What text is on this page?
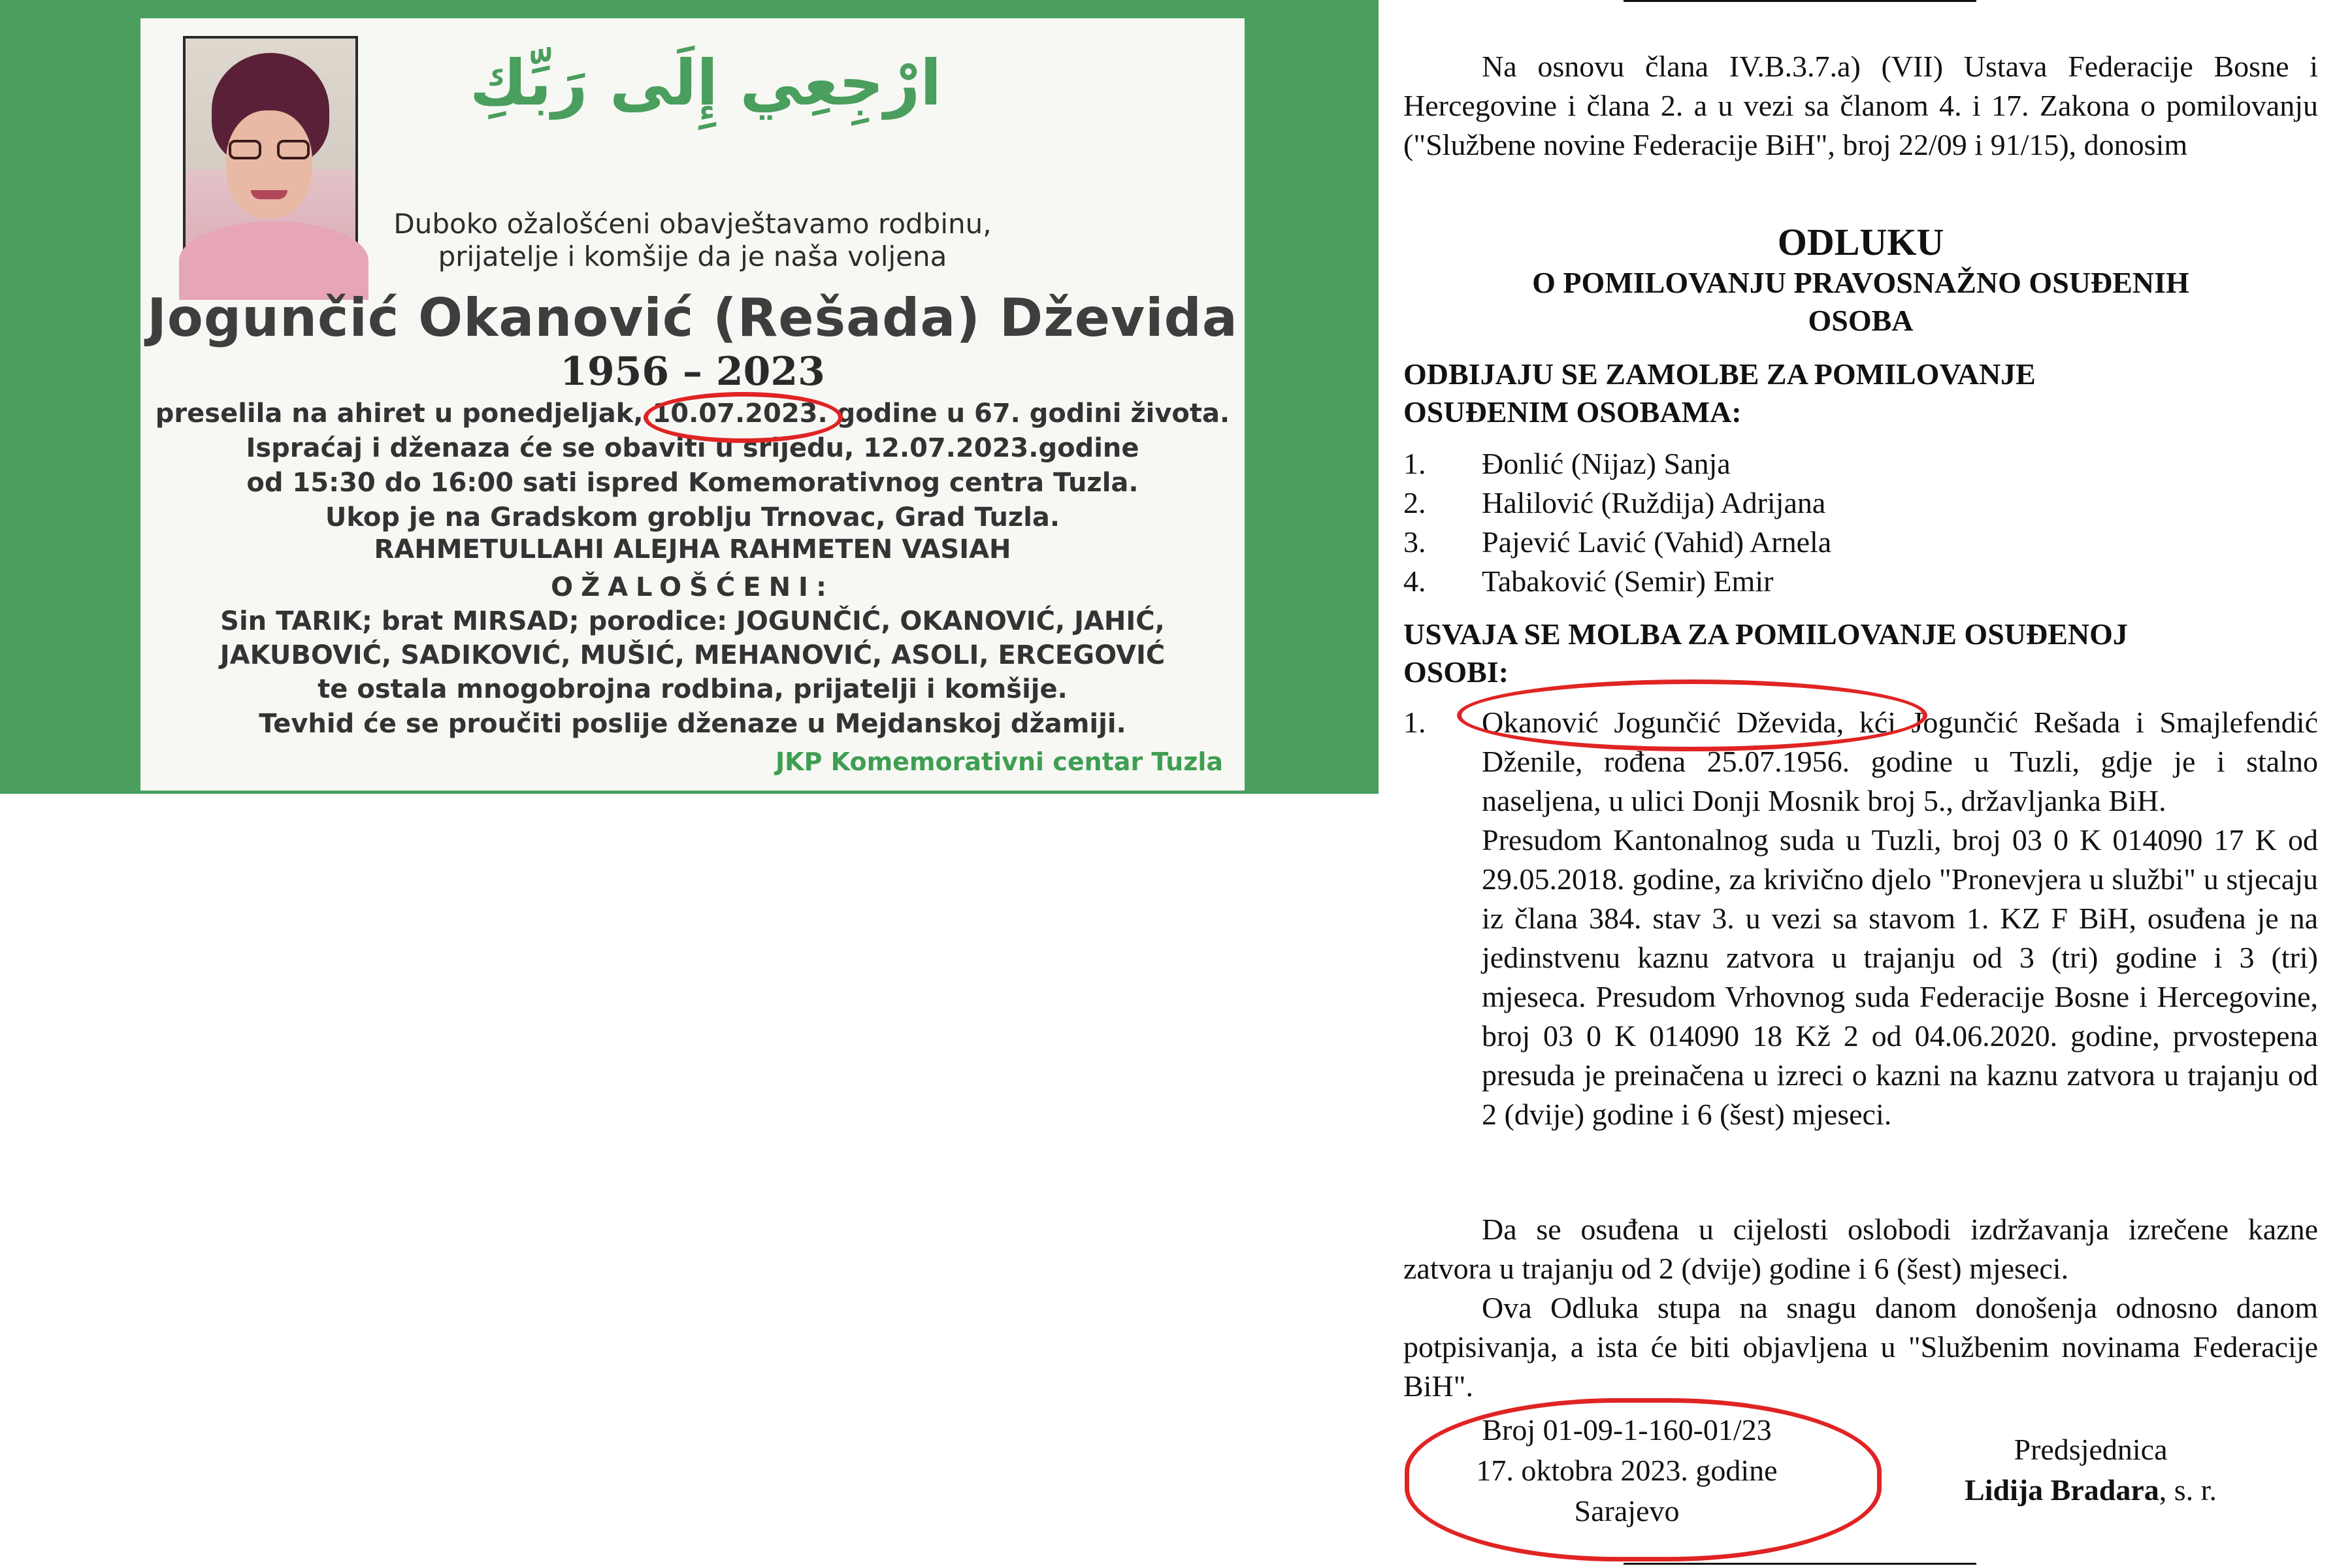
ارْجِعِي إِلَى رَبِّكِ
Duboko ožalošćeni obavještavamo rodbinu,
prijatelje i komšije da je naša voljena
Jogunčić Okanović (Rešada) Dževida
1956 – 2023
preselila na ahiret u ponedjeljak, 10.07.2023. godine u 67. godini života.
Ispraćaj i dženaza će se obaviti u srijedu, 12.07.2023.godine
od 15:30 do 16:00 sati ispred Komemorativnog centra Tuzla.
Ukop je na Gradskom groblju Trnovac, Grad Tuzla.
RAHMETULLAHI ALEJHA RAHMETEN VASIAH
OŽALOŠĆENI:
Sin TARIK; brat MIRSAD; porodice: JOGUNČIĆ, OKANOVIĆ, JAHIĆ,
JAKUBOVIĆ, SADIKOVIĆ, MUŠIĆ, MEHANOVIĆ, ASOLI, ERCEGOVIĆ
te ostala mnogobrojna rodbina, prijatelji i komšije.
Tevhid će se proučiti poslije dženaze u Mejdanskoj džamiji.
JKP Komemorativni centar Tuzla
Na osnovu člana IV.B.3.7.a) (VII) Ustava Federacije Bosne i Hercegovine i člana 2. a u vezi sa članom 4. i 17. Zakona o pomilovanju ("Službene novine Federacije BiH", broj 22/09 i 91/15), donosim
ODLUKU
O POMILOVANJU PRAVOSNAŽNO OSUĐENIH
OSOBA
ODBIJAJU SE ZAMOLBE ZA POMILOVANJE
OSUĐENIM OSOBAMA:
1. Đonlić (Nijaz) Sanja
2. Halilović (Ruždija) Adrijana
3. Pajević Lavić (Vahid) Arnela
4. Tabaković (Semir) Emir
USVAJA SE MOLBA ZA POMILOVANJE OSUĐENOJ
OSOBI:
1. Okanović Jogunčić Dževida, kći Jogunčić Rešada i Smajlefendić Dženile, rođena 25.07.1956. godine u Tuzli, gdje je i stalno naseljena, u ulici Donji Mosnik broj 5., državljanka BiH.

Presudom Kantonalnog suda u Tuzli, broj 03 0 K 014090 17 K od 29.05.2018. godine, za krivično djelo "Pronevjera u službi" u stjecaju iz člana 384. stav 3. u vezi sa stavom 1. KZ F BiH, osuđena je na jedinstvenu kaznu zatvora u trajanju od 3 (tri) godine i 3 (tri) mjeseca. Presudom Vrhovnog suda Federacije Bosne i Hercegovine, broj 03 0 K 014090 18 Kž 2 od 04.06.2020. godine, prvostepena presuda je preinačena u izreci o kazni na kaznu zatvora u trajanju od 2 (dvije) godine i 6 (šest) mjeseci.

Da se osuđena u cijelosti oslobodi izdržavanja izrečene kazne zatvora u trajanju od 2 (dvije) godine i 6 (šest) mjeseci.
Ova Odluka stupa na snagu danom donošenja odnosno danom potpisivanja, a ista će biti objavljena u "Službenim novinama Federacije BiH".
Broj 01-09-1-160-01/23
17. oktobra 2023. godine
Sarajevo
Predsjednica
Lidija Bradara, s. r.
